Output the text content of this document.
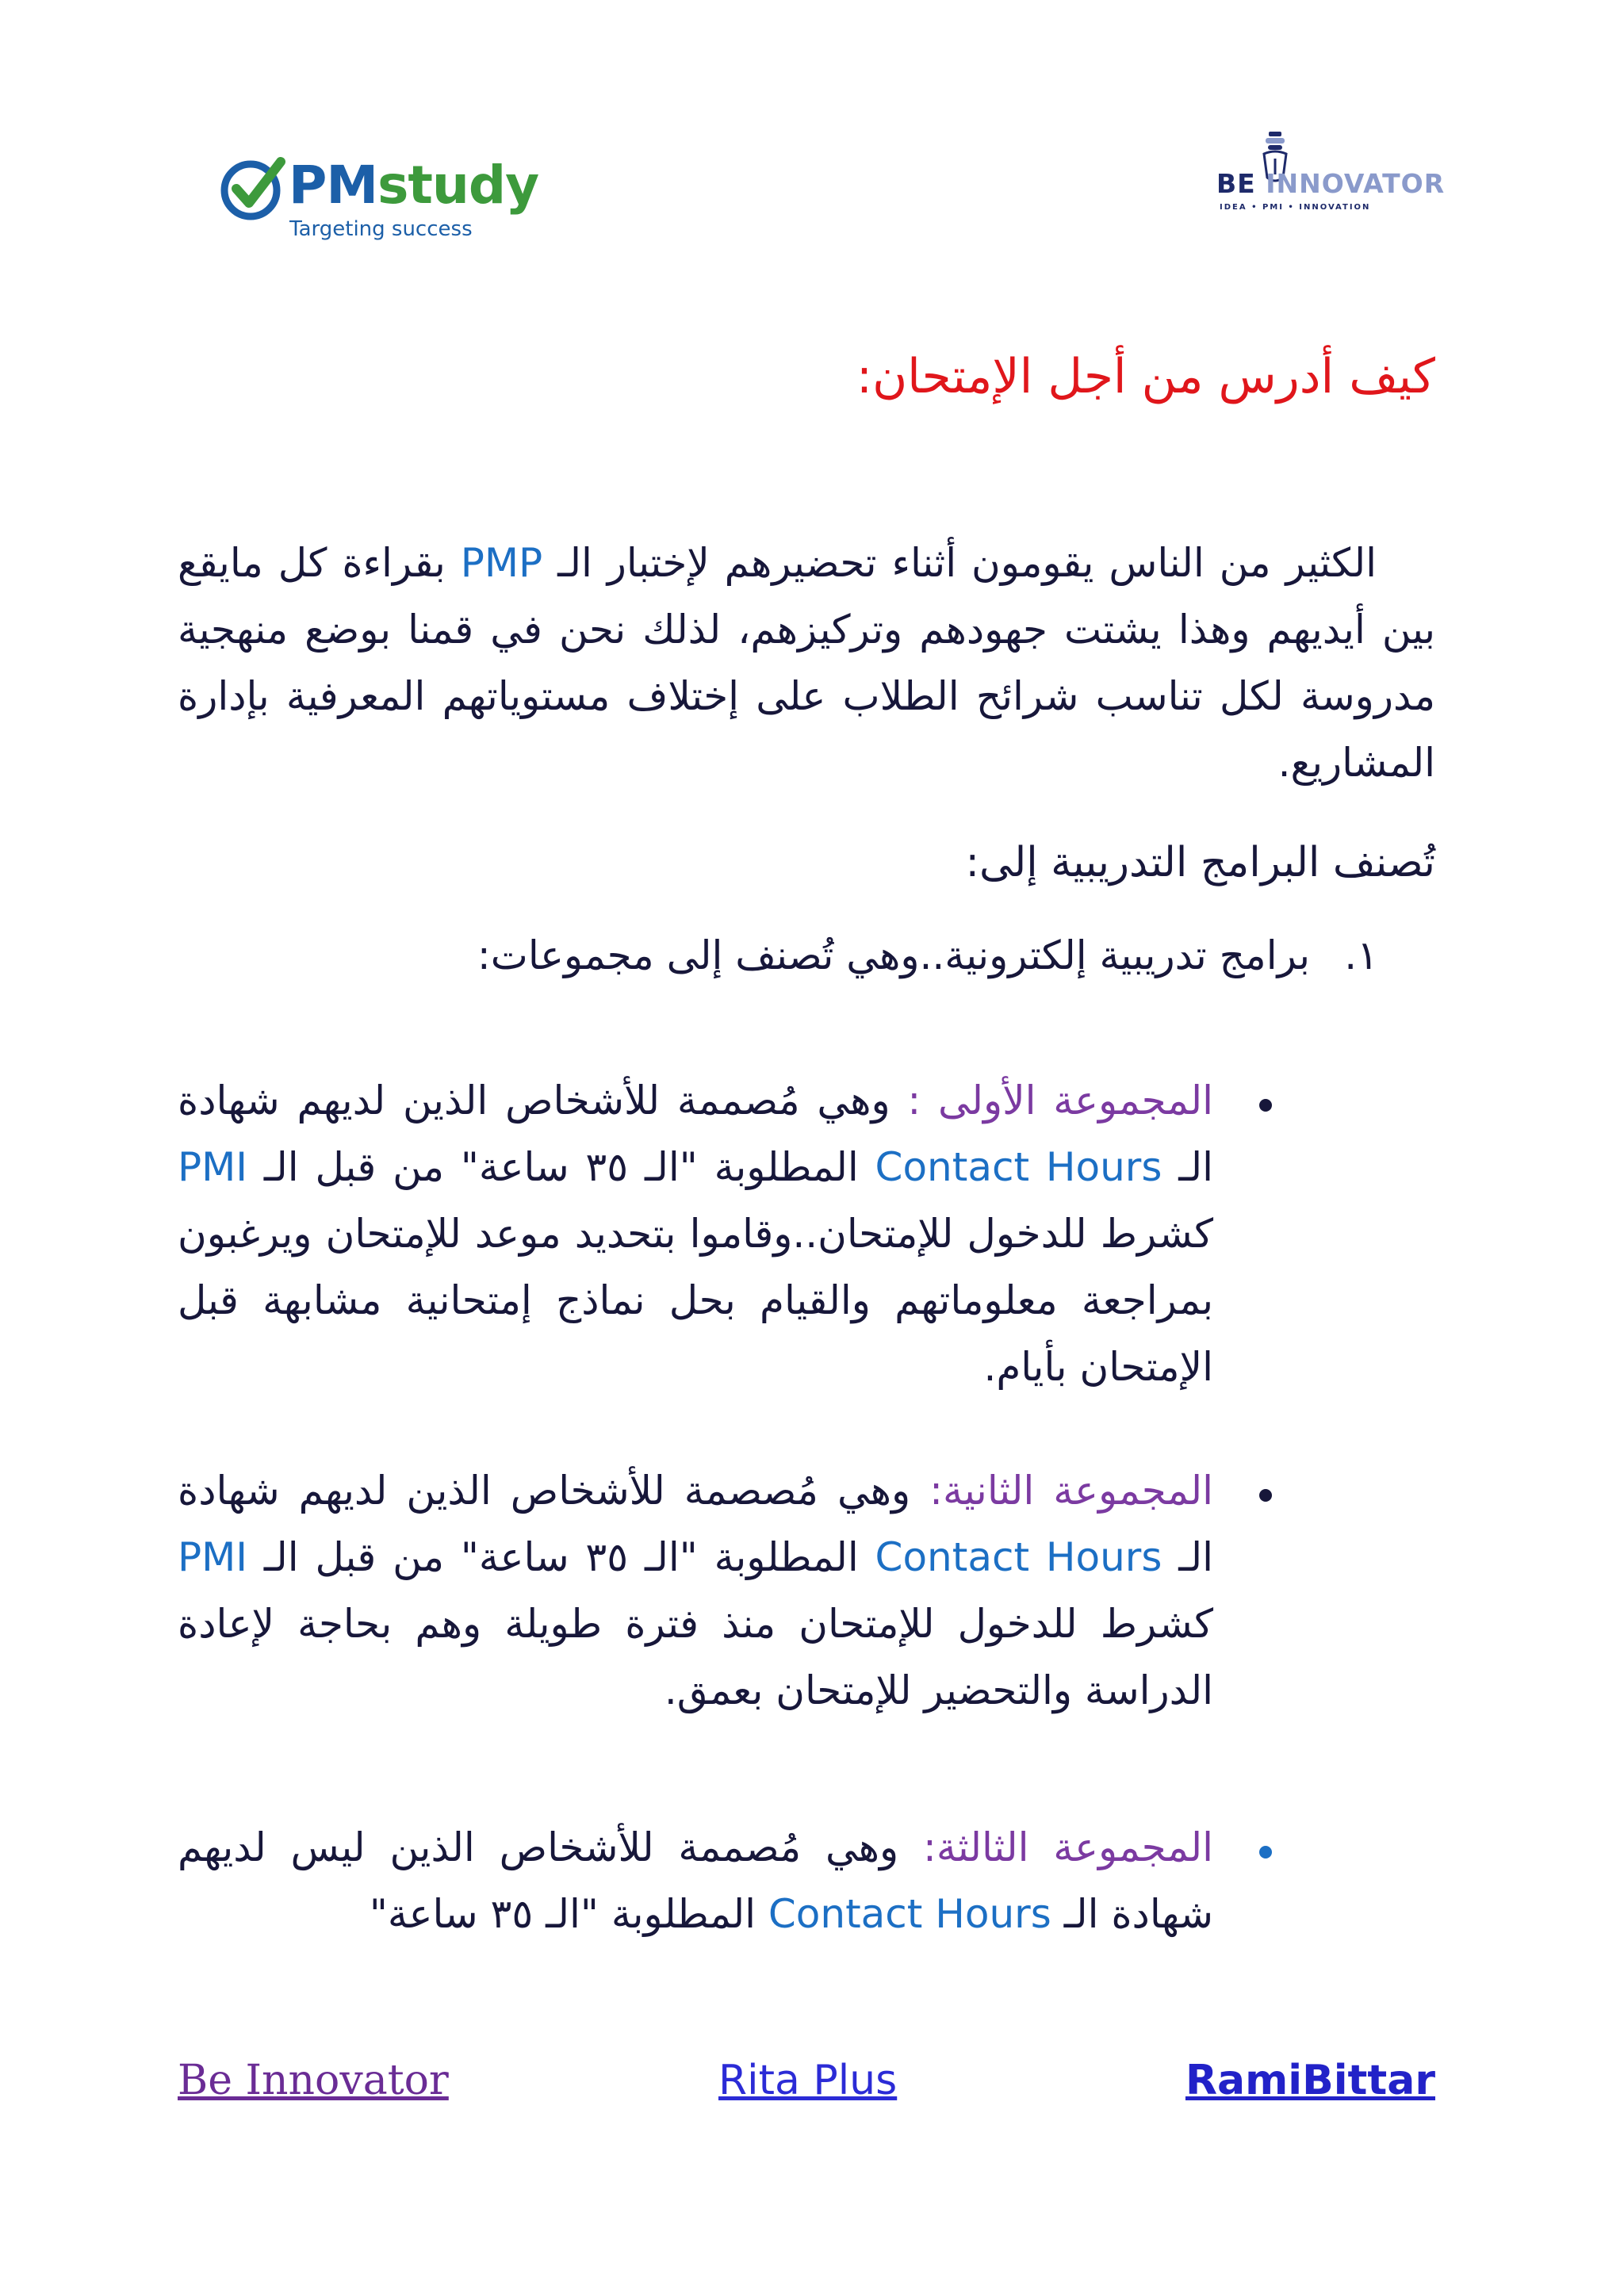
PMstudy
Targeting success
BE INNOVATOR
IDEA • PMI • INNOVATION
كيف أدرس من أجل الإمتحان:

الكثير من الناس يقومون أثناء تحضيرهم لإختبار الـ PMP بقراءة كل مايقع بين أيديهم وهذا يشتت جهودهم وتركيزهم، لذلك نحن في قمنا بوضع منهجية مدروسة لكل تناسب شرائح الطلاب على إختلاف مستوياتهم المعرفية بإدارة المشاريع.

تُصنف البرامج التدريبية إلى:

١. برامج تدريبية إلكترونية..وهي تُصنف إلى مجموعات:

المجموعة الأولى : وهي مُصممة للأشخاص الذين لديهم شهادة الـ Contact Hours المطلوبة "الـ ٣٥ ساعة" من قبل الـ PMI كشرط للدخول للإمتحان..وقاموا بتحديد موعد للإمتحان ويرغبون بمراجعة معلوماتهم والقيام بحل نماذج إمتحانية مشابهة قبل الإمتحان بأيام.

المجموعة الثانية: وهي مُصصمة للأشخاص الذين لديهم شهادة الـ Contact Hours المطلوبة "الـ ٣٥ ساعة" من قبل الـ PMI كشرط للدخول للإمتحان منذ فترة طويلة وهم بحاجة لإعادة الدراسة والتحضير للإمتحان بعمق.

المجموعة الثالثة: وهي مُصممة للأشخاص الذين ليس لديهم شهادة الـ Contact Hours المطلوبة "الـ ٣٥ ساعة"

Be Innovator	Rita Plus	RamiBittar
